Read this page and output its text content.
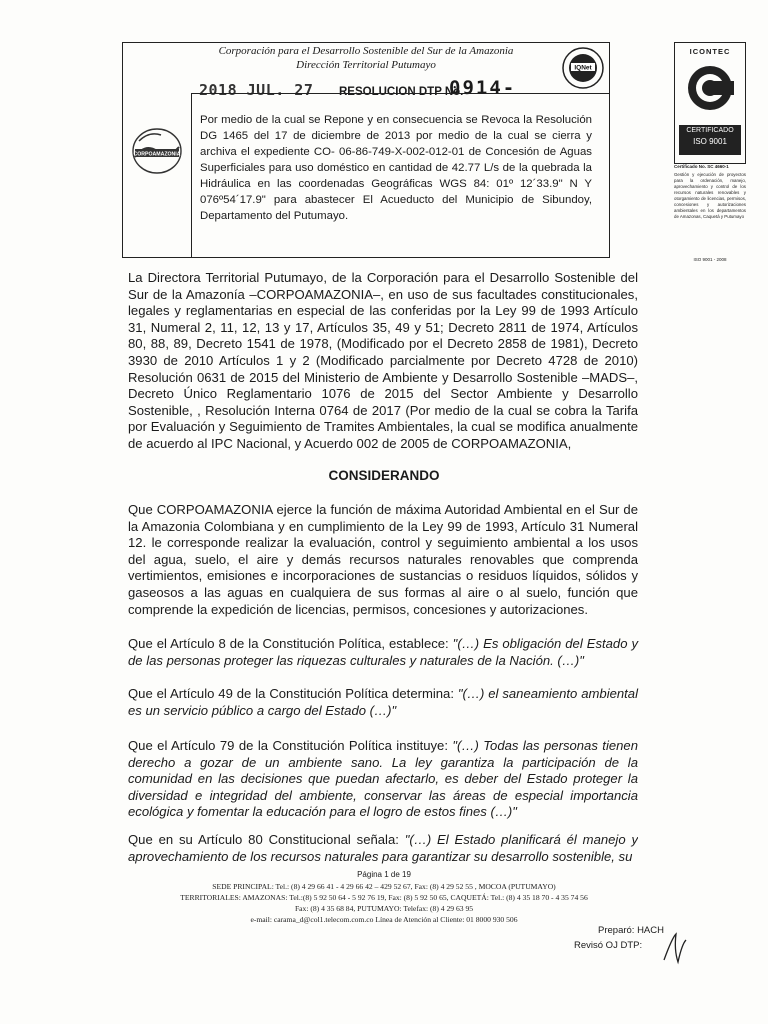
Corporación para el Desarrollo Sostenible del Sur de la Amazonia
Dirección Territorial Putumayo
2018 JUL. 27 RESOLUCION DTP No.
0914-
CORPOAMAZONIA
Por medio de la cual se Repone y en consecuencia se Revoca la Resolución DG 1465 del 17 de diciembre de 2013 por medio de la cual se cierra y archiva el expediente CO- 06-86-749-X-002-012-01 de Concesión de Aguas Superficiales para uso doméstico en cantidad de 42.77 L/s de la quebrada la Hidráulica en las coordenadas Geográficas WGS 84: 01º 12´33.9" N Y 076º54´17.9" para abastecer El Acueducto del Municipio de Sibundoy, Departamento del Putumayo.
IQNet
ICONTEC
CERTIFICADO
ISO 9001
Certificado No. SC 4660-1
Gestión y ejecución de proyectos para la ordenación, manejo, aprovechamiento y control de los recursos naturales renovables y otorgamiento de licencias, permisos, concesiones y autorizaciones ambientales en los departamentos de Amazonas, Caquetá y Putumayo
ISO 9001 - 2008
La Directora Territorial Putumayo, de la Corporación para el Desarrollo Sostenible del Sur de la Amazonía –CORPOAMAZONIA–, en uso de sus facultades constitucionales, legales y reglamentarias en especial de las conferidas por la Ley 99 de 1993 Artículo 31, Numeral 2, 11, 12, 13 y 17, Artículos 35, 49 y 51; Decreto 2811 de 1974, Artículos 80, 88, 89, Decreto 1541 de 1978, (Modificado por el Decreto 2858 de 1981), Decreto 3930 de 2010 Artículos 1 y 2 (Modificado parcialmente por Decreto 4728 de 2010) Resolución 0631 de 2015 del Ministerio de Ambiente y Desarrollo Sostenible –MADS–, Decreto Único Reglamentario 1076 de 2015 del Sector Ambiente y Desarrollo Sostenible, , Resolución Interna 0764 de 2017 (Por medio de la cual se cobra la Tarifa por Evaluación y Seguimiento de Tramites Ambientales, la cual se modifica anualmente de acuerdo al IPC Nacional, y Acuerdo 002 de 2005 de CORPOAMAZONIA,
CONSIDERANDO
Que CORPOAMAZONIA ejerce la función de máxima Autoridad Ambiental en el Sur de la Amazonia Colombiana y en cumplimiento de la Ley 99 de 1993, Artículo 31 Numeral 12. le corresponde realizar la evaluación, control y seguimiento ambiental a los usos del agua, suelo, el aire y demás recursos naturales renovables que comprenda vertimientos, emisiones e incorporaciones de sustancias o residuos líquidos, sólidos y gaseosos a las aguas en cualquiera de sus formas al aire o al suelo, función que comprende la expedición de licencias, permisos, concesiones y autorizaciones.
Que el Artículo 8 de la Constitución Política, establece: "(…) Es obligación del Estado y de las personas proteger las riquezas culturales y naturales de la Nación. (…)"
Que el Artículo 49 de la Constitución Política determina: "(…) el saneamiento ambiental es un servicio público a cargo del Estado (…)"
Que el Artículo 79 de la Constitución Política instituye: "(…) Todas las personas tienen derecho a gozar de un ambiente sano. La ley garantiza la participación de la comunidad en las decisiones que puedan afectarlo, es deber del Estado proteger la diversidad e integridad del ambiente, conservar las áreas de especial importancia ecológica y fomentar la educación para el logro de estos fines (…)"
Que en su Artículo 80 Constitucional señala: "(…) El Estado planificará él manejo y aprovechamiento de los recursos naturales para garantizar su desarrollo sostenible, su
Página 1 de 19
SEDE PRINCIPAL: Tel.: (8) 4 29 66 41 - 4 29 66 42 – 429 52 67, Fax: (8) 4 29 52 55 , MOCOA (PUTUMAYO)
TERRITORIALES: AMAZONAS: Tel.:(8) 5 92 50 64 - 5 92 76 19, Fax: (8) 5 92 50 65, CAQUETÁ: Tel.: (8) 4 35 18 70 - 4 35 74 56
Fax: (8) 4 35 68 84, PUTUMAYO: Telefax: (8) 4 29 63 95
e-mail: carama_d@col1.telecom.com.co Línea de Atención al Cliente: 01 8000 930 506
Preparó: HACH
Revisó OJ DTP:
